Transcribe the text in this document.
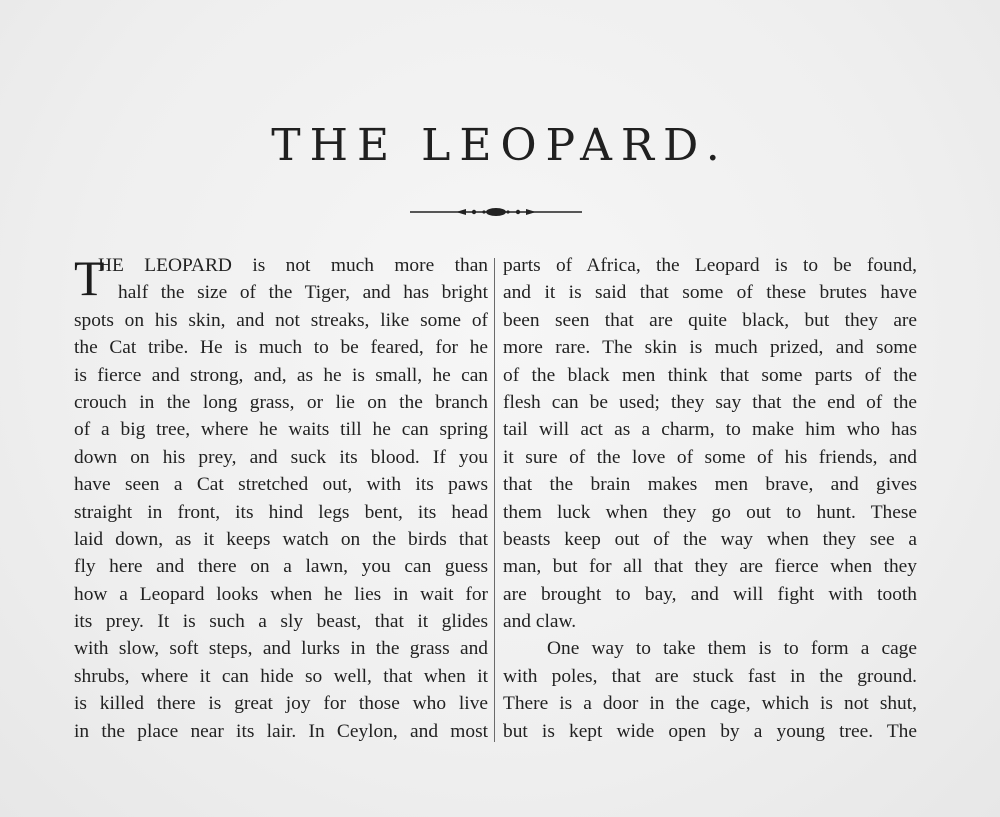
THE LEOPARD.
T
HE LEOPARD is not much more than
half the size of the Tiger, and has bright
spots on his skin, and not streaks, like some of
the Cat tribe. He is much to be feared, for he
is fierce and strong, and, as he is small, he can
crouch in the long grass, or lie on the branch
of a big tree, where he waits till he can spring
down on his prey, and suck its blood. If you
have seen a Cat stretched out, with its paws
straight in front, its hind legs bent, its head
laid down, as it keeps watch on the birds that
fly here and there on a lawn, you can guess
how a Leopard looks when he lies in wait for
its prey. It is such a sly beast, that it glides
with slow, soft steps, and lurks in the grass and
shrubs, where it can hide so well, that when it
is killed there is great joy for those who live
in the place near its lair. In Ceylon, and most
parts of Africa, the Leopard is to be found,
and it is said that some of these brutes have
been seen that are quite black, but they are
more rare. The skin is much prized, and some
of the black men think that some parts of the
flesh can be used; they say that the end of the
tail will act as a charm, to make him who has
it sure of the love of some of his friends, and
that the brain makes men brave, and gives
them luck when they go out to hunt. These
beasts keep out of the way when they see a
man, but for all that they are fierce when they
are brought to bay, and will fight with tooth
and claw.
One way to take them is to form a cage
with poles, that are stuck fast in the ground.
There is a door in the cage, which is not shut,
but is kept wide open by a young tree. The
